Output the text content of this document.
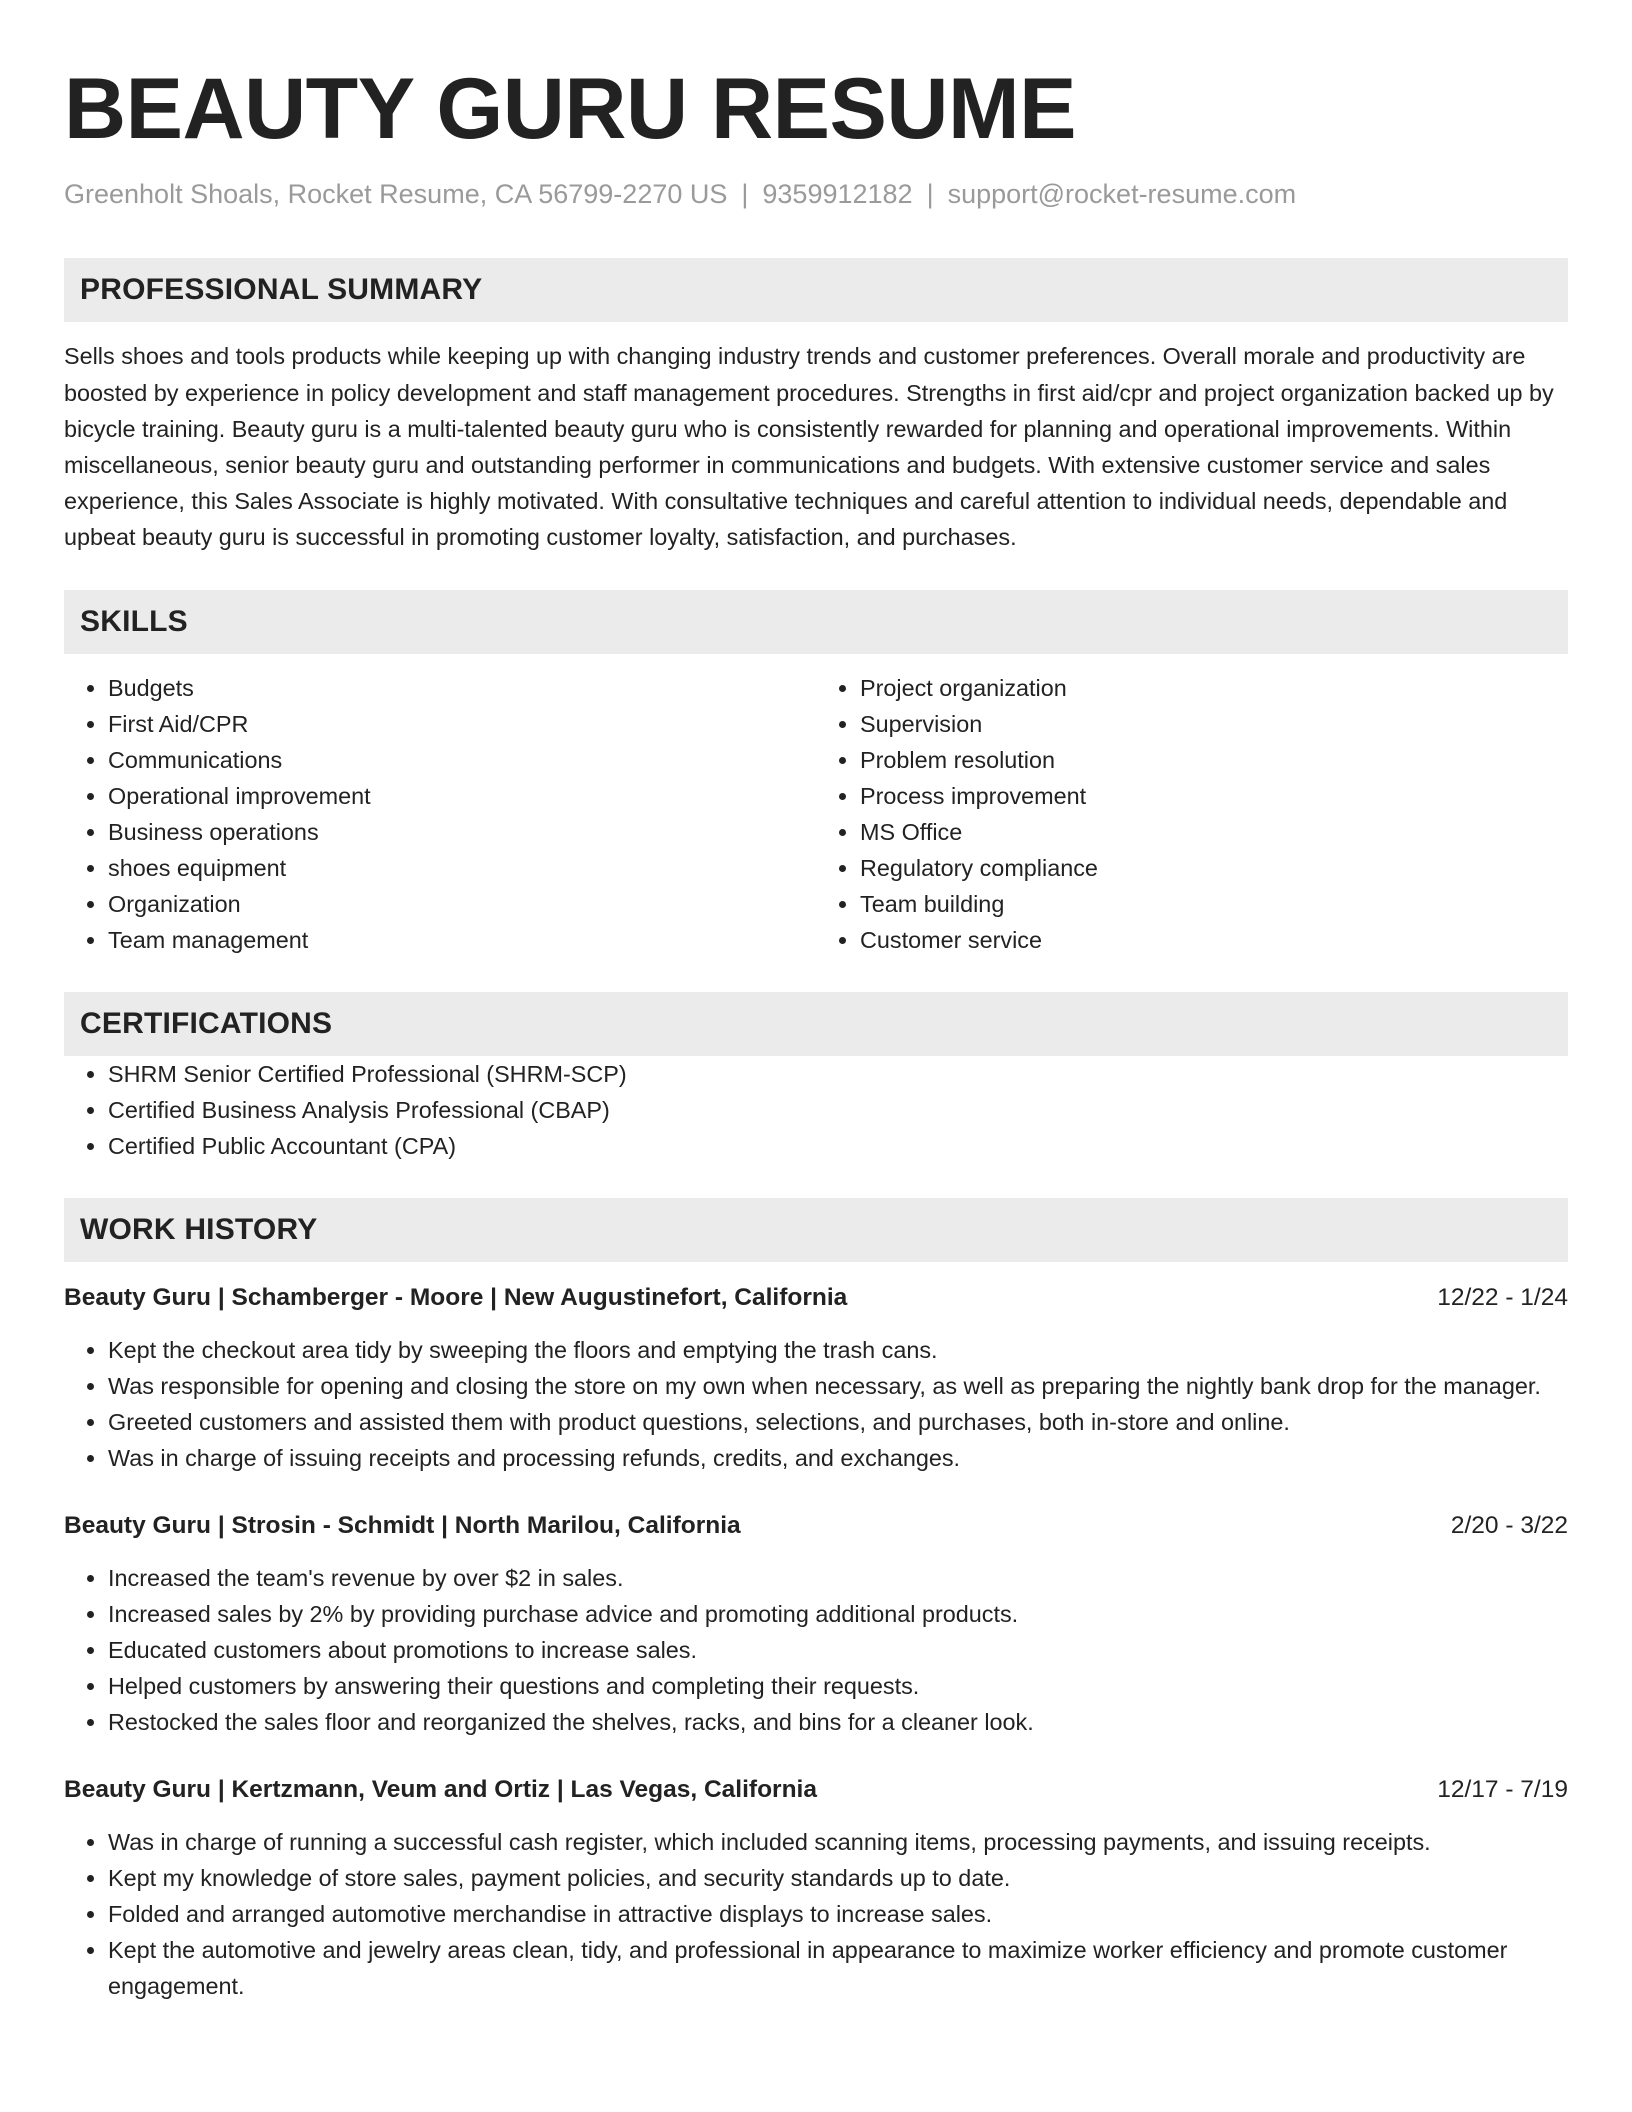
BEAUTY GURU RESUME
Greenholt Shoals, Rocket Resume, CA 56799-2270 US | 9359912182 | support@rocket-resume.com
PROFESSIONAL SUMMARY
Sells shoes and tools products while keeping up with changing industry trends and customer preferences. Overall morale and productivity are boosted by experience in policy development and staff management procedures. Strengths in first aid/cpr and project organization backed up by bicycle training. Beauty guru is a multi-talented beauty guru who is consistently rewarded for planning and operational improvements. Within miscellaneous, senior beauty guru and outstanding performer in communications and budgets. With extensive customer service and sales experience, this Sales Associate is highly motivated. With consultative techniques and careful attention to individual needs, dependable and upbeat beauty guru is successful in promoting customer loyalty, satisfaction, and purchases.
SKILLS
• Budgets
• First Aid/CPR
• Communications
• Operational improvement
• Business operations
• shoes equipment
• Organization
• Team management
• Project organization
• Supervision
• Problem resolution
• Process improvement
• MS Office
• Regulatory compliance
• Team building
• Customer service
CERTIFICATIONS
• SHRM Senior Certified Professional (SHRM-SCP)
• Certified Business Analysis Professional (CBAP)
• Certified Public Accountant (CPA)
WORK HISTORY
Beauty Guru | Schamberger - Moore | New Augustinefort, California	12/22 - 1/24
• Kept the checkout area tidy by sweeping the floors and emptying the trash cans.
• Was responsible for opening and closing the store on my own when necessary, as well as preparing the nightly bank drop for the manager.
• Greeted customers and assisted them with product questions, selections, and purchases, both in-store and online.
• Was in charge of issuing receipts and processing refunds, credits, and exchanges.
Beauty Guru | Strosin - Schmidt | North Marilou, California	2/20 - 3/22
• Increased the team's revenue by over $2 in sales.
• Increased sales by 2% by providing purchase advice and promoting additional products.
• Educated customers about promotions to increase sales.
• Helped customers by answering their questions and completing their requests.
• Restocked the sales floor and reorganized the shelves, racks, and bins for a cleaner look.
Beauty Guru | Kertzmann, Veum and Ortiz | Las Vegas, California	12/17 - 7/19
• Was in charge of running a successful cash register, which included scanning items, processing payments, and issuing receipts.
• Kept my knowledge of store sales, payment policies, and security standards up to date.
• Folded and arranged automotive merchandise in attractive displays to increase sales.
• Kept the automotive and jewelry areas clean, tidy, and professional in appearance to maximize worker efficiency and promote customer engagement.
